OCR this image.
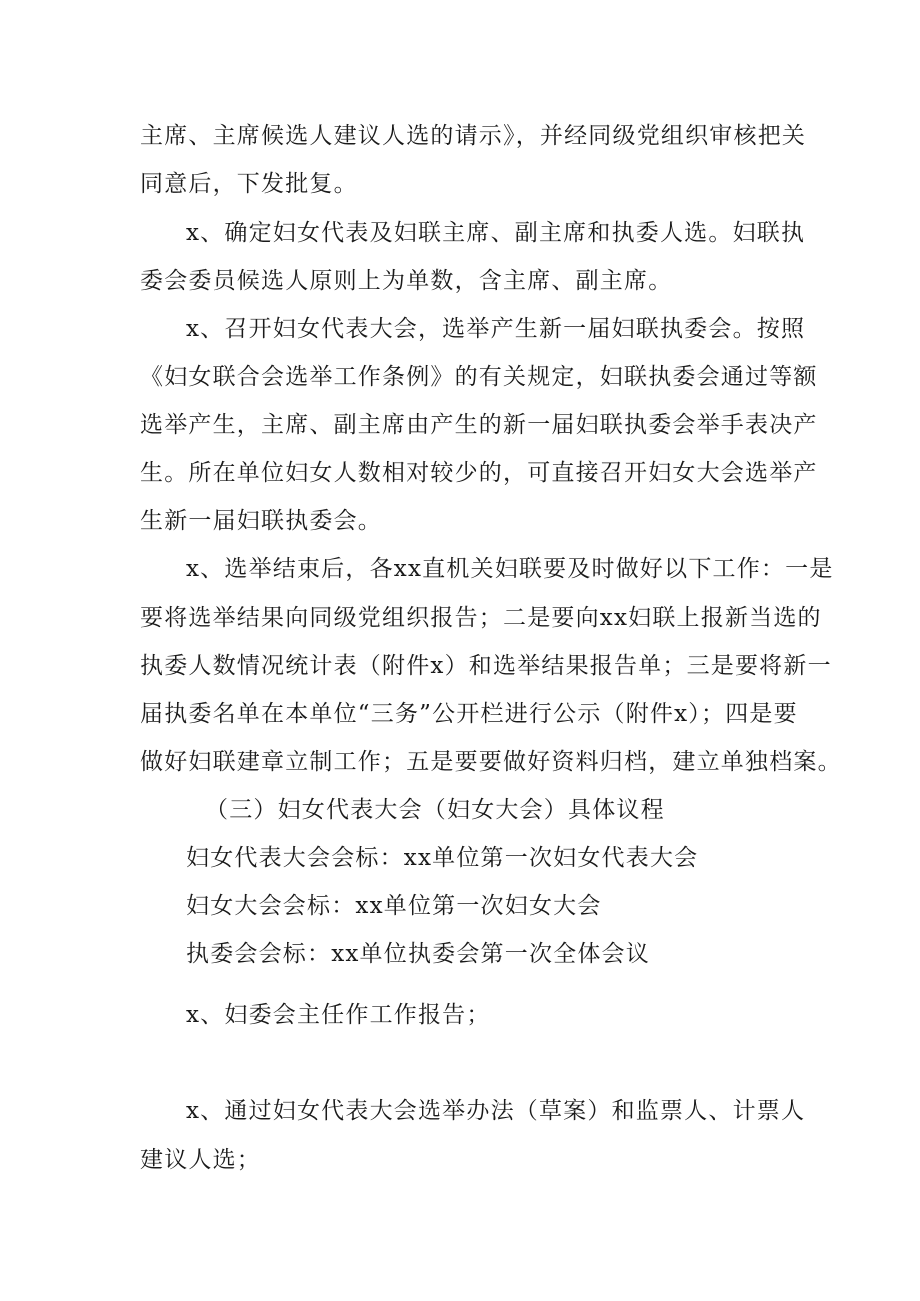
主席、主席候选人建议人选的请示》，并经同级党组织审核把关
同意后，下发批复。
x、确定妇女代表及妇联主席、副主席和执委人选。妇联执
委会委员候选人原则上为单数，含主席、副主席。
x、召开妇女代表大会，选举产生新一届妇联执委会。按照
《妇女联合会选举工作条例》的有关规定，妇联执委会通过等额
选举产生，主席、副主席由产生的新一届妇联执委会举手表决产
生。所在单位妇女人数相对较少的，可直接召开妇女大会选举产
生新一届妇联执委会。
x、选举结束后，各xx直机关妇联要及时做好以下工作：一是
要将选举结果向同级党组织报告；二是要向xx妇联上报新当选的
执委人数情况统计表（附件x）和选举结果报告单；三是要将新一
届执委名单在本单位“三务”公开栏进行公示（附件x）；四是要
做好妇联建章立制工作；五是要要做好资料归档，建立单独档案。
（三）妇女代表大会（妇女大会）具体议程
妇女代表大会会标：xx单位第一次妇女代表大会
妇女大会会标：xx单位第一次妇女大会
执委会会标：xx单位执委会第一次全体会议
x、妇委会主任作工作报告；
x、通过妇女代表大会选举办法（草案）和监票人、计票人
建议人选；
